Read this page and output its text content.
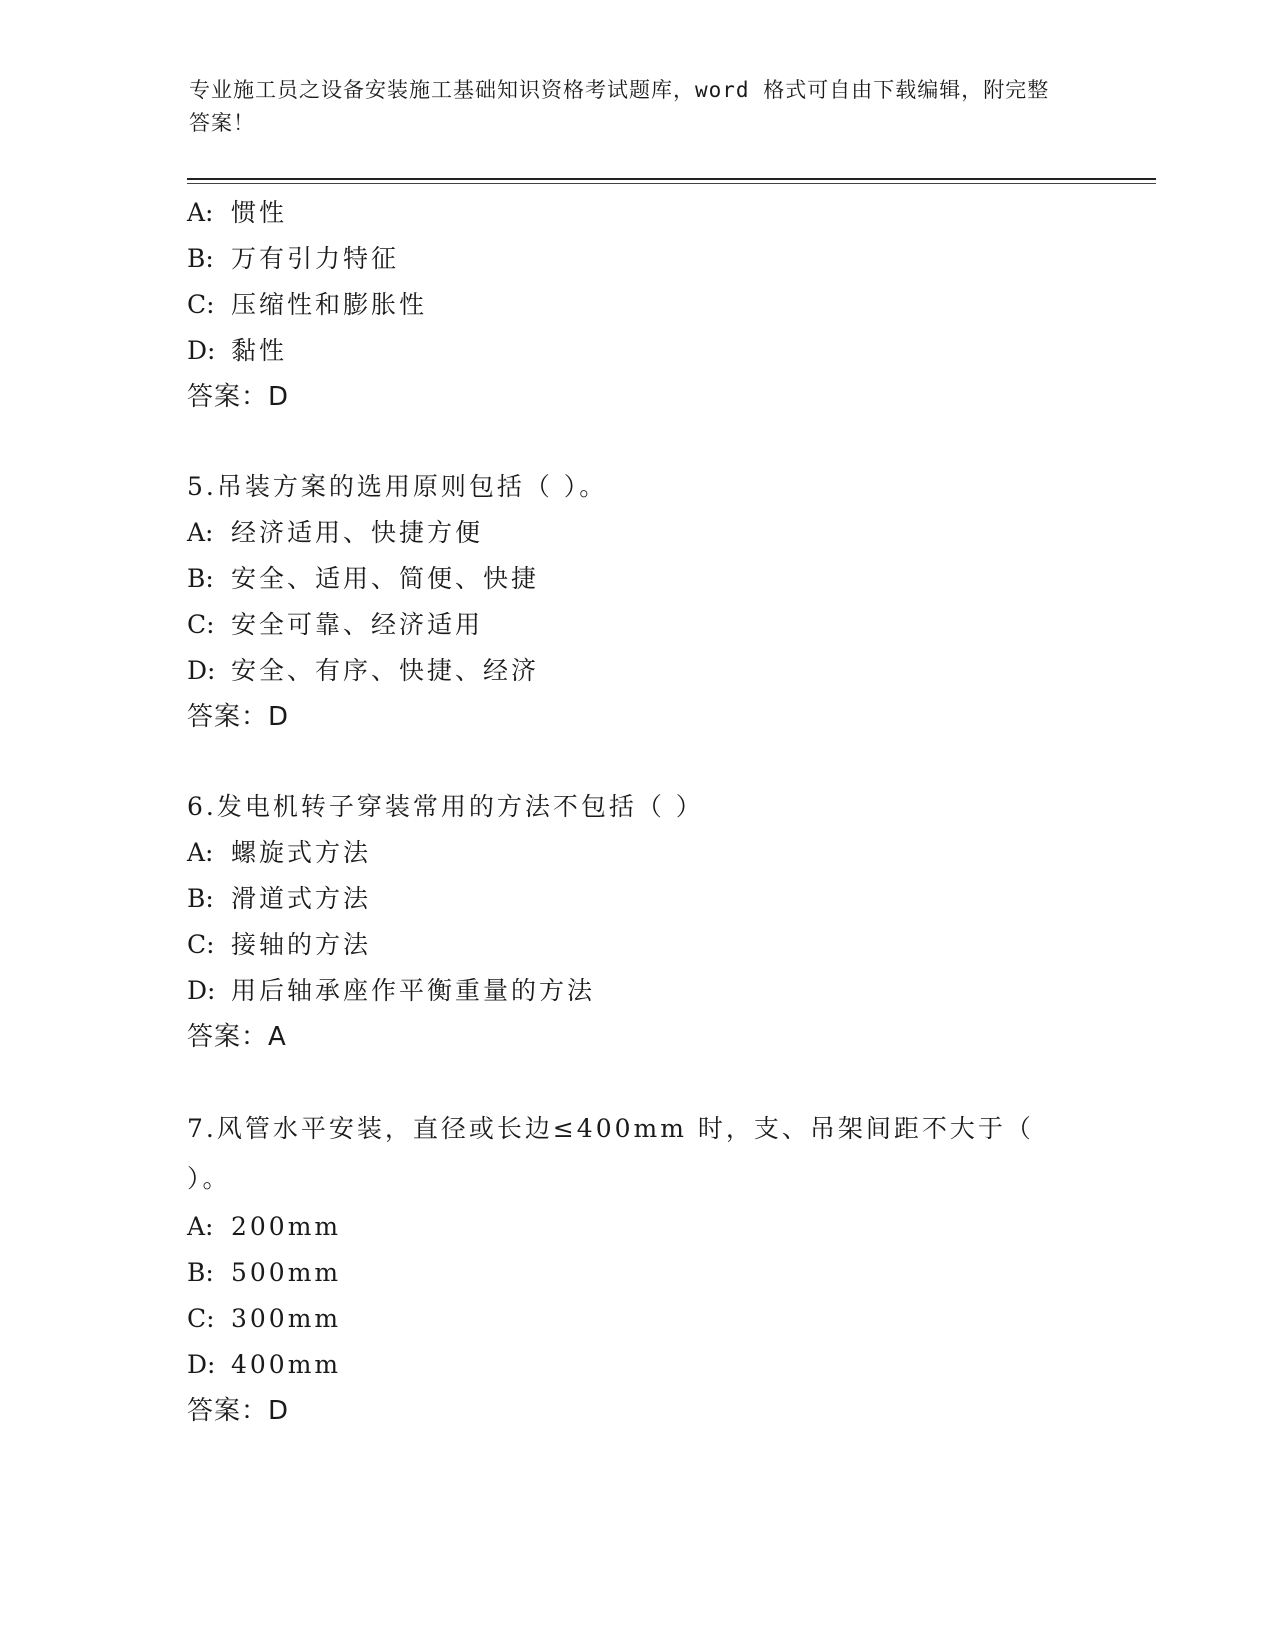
专业施工员之设备安装施工基础知识资格考试题库，word 格式可自由下载编辑，附完整答案！
A: 惯性
B: 万有引力特征
C: 压缩性和膨胀性
D: 黏性
答案：D
5.吊装方案的选用原则包括（ ）。
A: 经济适用、快捷方便
B: 安全、适用、简便、快捷
C: 安全可靠、经济适用
D: 安全、有序、快捷、经济
答案：D
6.发电机转子穿装常用的方法不包括（ ）
A: 螺旋式方法
B: 滑道式方法
C: 接轴的方法
D: 用后轴承座作平衡重量的方法
答案：A
7.风管水平安装，直径或长边≤400mm 时，支、吊架间距不大于（ ）。
A: 200mm
B: 500mm
C: 300mm
D: 400mm
答案：D
